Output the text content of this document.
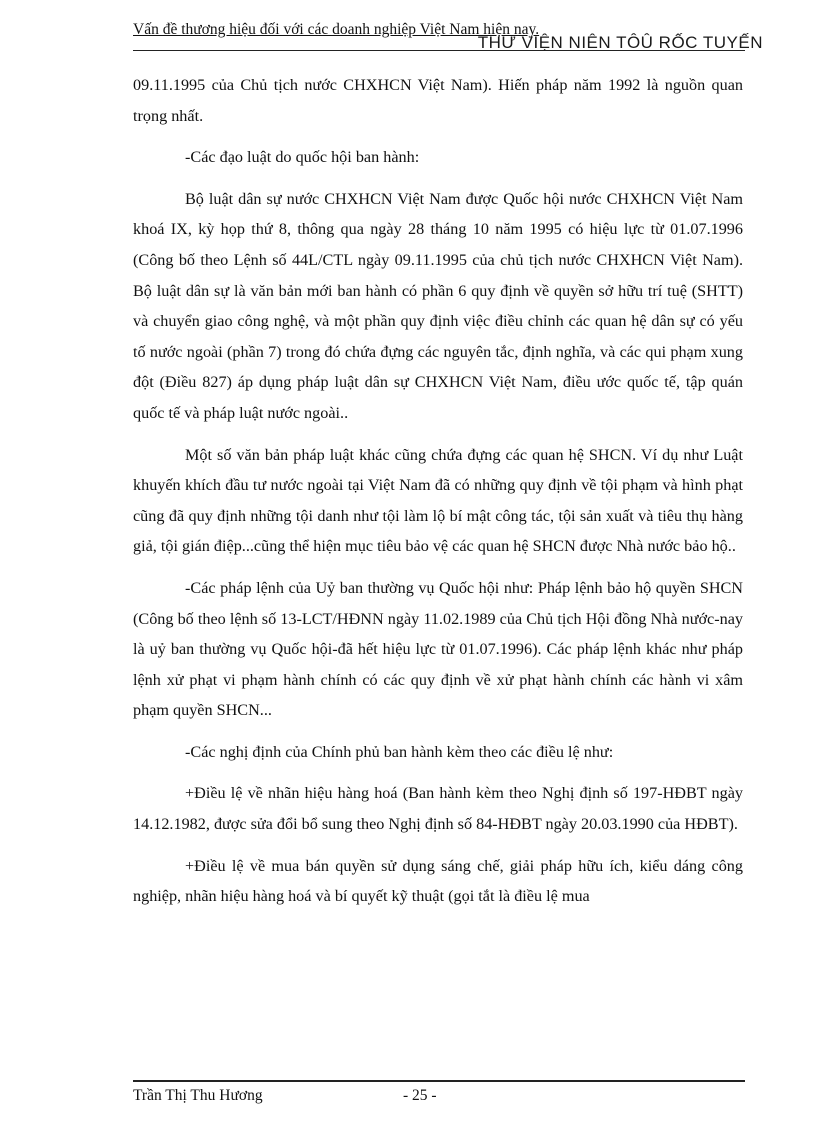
Vấn đề thương hiệu đối với các doanh nghiệp Việt Nam hiện nay.
THƯ VIỆN NIÊN TÔÛ RỐC TUYẾN

09.11.1995 của Chủ tịch nước CHXHCN Việt Nam). Hiến pháp năm 1992 là nguồn quan trọng nhất.

-Các đạo luật do quốc hội ban hành:

Bộ luật dân sự nước CHXHCN Việt Nam được Quốc hội nước CHXHCN Việt Nam khoá IX, kỳ họp thứ 8, thông qua ngày 28 tháng 10 năm 1995 có hiệu lực từ 01.07.1996 (Công bố theo Lệnh số 44L/CTL ngày 09.11.1995 của chủ tịch nước CHXHCN Việt Nam). Bộ luật dân sự là văn bản mới ban hành có phần 6 quy định về quyền sở hữu trí tuệ (SHTT) và chuyển giao công nghệ, và một phần quy định việc điều chỉnh các quan hệ dân sự có yếu tố nước ngoài (phần 7) trong đó chứa đựng các nguyên tắc, định nghĩa, và các qui phạm xung đột (Điều 827) áp dụng pháp luật dân sự CHXHCN Việt Nam, điều ước quốc tế, tập quán quốc tế và pháp luật nước ngoài..

Một số văn bản pháp luật khác cũng chứa đựng các quan hệ SHCN. Ví dụ như Luật khuyến khích đầu tư nước ngoài tại Việt Nam đã có những quy định về tội phạm và hình phạt cũng đã quy định những tội danh như tội làm lộ bí mật công tác, tội sản xuất và tiêu thụ hàng giả, tội gián điệp...cũng thể hiện mục tiêu bảo vệ các quan hệ SHCN được Nhà nước bảo hộ..

-Các pháp lệnh của Uỷ ban thường vụ Quốc hội như: Pháp lệnh bảo hộ quyền SHCN (Công bố theo lệnh số 13-LCT/HĐNN ngày 11.02.1989 của Chủ tịch Hội đồng Nhà nước-nay là uỷ ban thường vụ Quốc hội-đã hết hiệu lực từ 01.07.1996). Các pháp lệnh khác như pháp lệnh xử phạt vi phạm hành chính có các quy định về xử phạt hành chính các hành vi xâm phạm quyền SHCN...

-Các nghị định của Chính phủ ban hành kèm theo các điều lệ như:

+Điều lệ về nhãn hiệu hàng hoá (Ban hành kèm theo Nghị định số 197-HĐBT ngày 14.12.1982, được sửa đổi bổ sung theo Nghị định số 84-HĐBT ngày 20.03.1990 của HĐBT).

+Điều lệ về mua bán quyền sử dụng sáng chế, giải pháp hữu ích, kiểu dáng công nghiệp, nhãn hiệu hàng hoá và bí quyết kỹ thuật (gọi tắt là điều lệ mua

Trần Thị Thu Hương	- 25 -
